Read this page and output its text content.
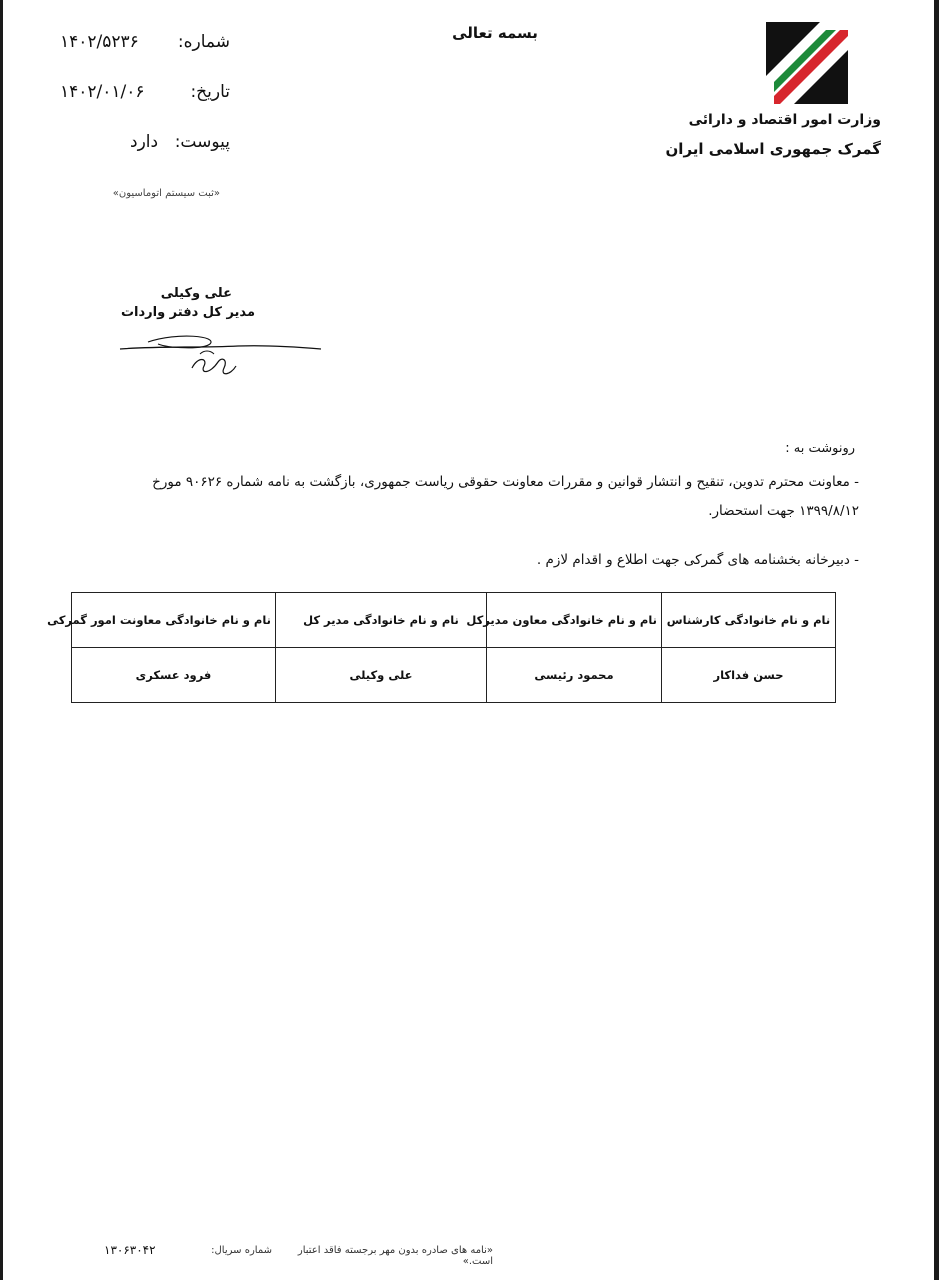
بسمه تعالی
وزارت امور اقتصاد و دارائی
گمرک جمهوری اسلامی ایران
شماره:
۱۴۰۲/۵۲۳۶
تاریخ:
۱۴۰۲/۰۱/۰۶
پیوست:
دارد
«ثبت سیستم اتوماسیون»
علی وکیلی
مدیر کل دفتر واردات
رونوشت به :
- معاونت محترم تدوین، تنقیح و انتشار قوانین و مقررات معاونت حقوقی ریاست جمهوری، بازگشت به نامه شماره ۹۰۶۲۶ مورخ ۱۳۹۹/۸/۱۲ جهت استحضار.
- دبیرخانه بخشنامه های گمرکی جهت اطلاع و اقدام لازم .
نام و نام خانوادگی کارشناس	نام و نام خانوادگی معاون مدیرکل	نام و نام خانوادگی مدیر کل	نام و نام خانوادگی معاونت امور گمرکی
حسن فداکار	محمود رئیسی	علی وکیلی	فرود عسکری
«نامه های صادره بدون مهر برجسته فاقد اعتبار است.»
شماره سریال:
۱۳۰۶۳۰۴۲
